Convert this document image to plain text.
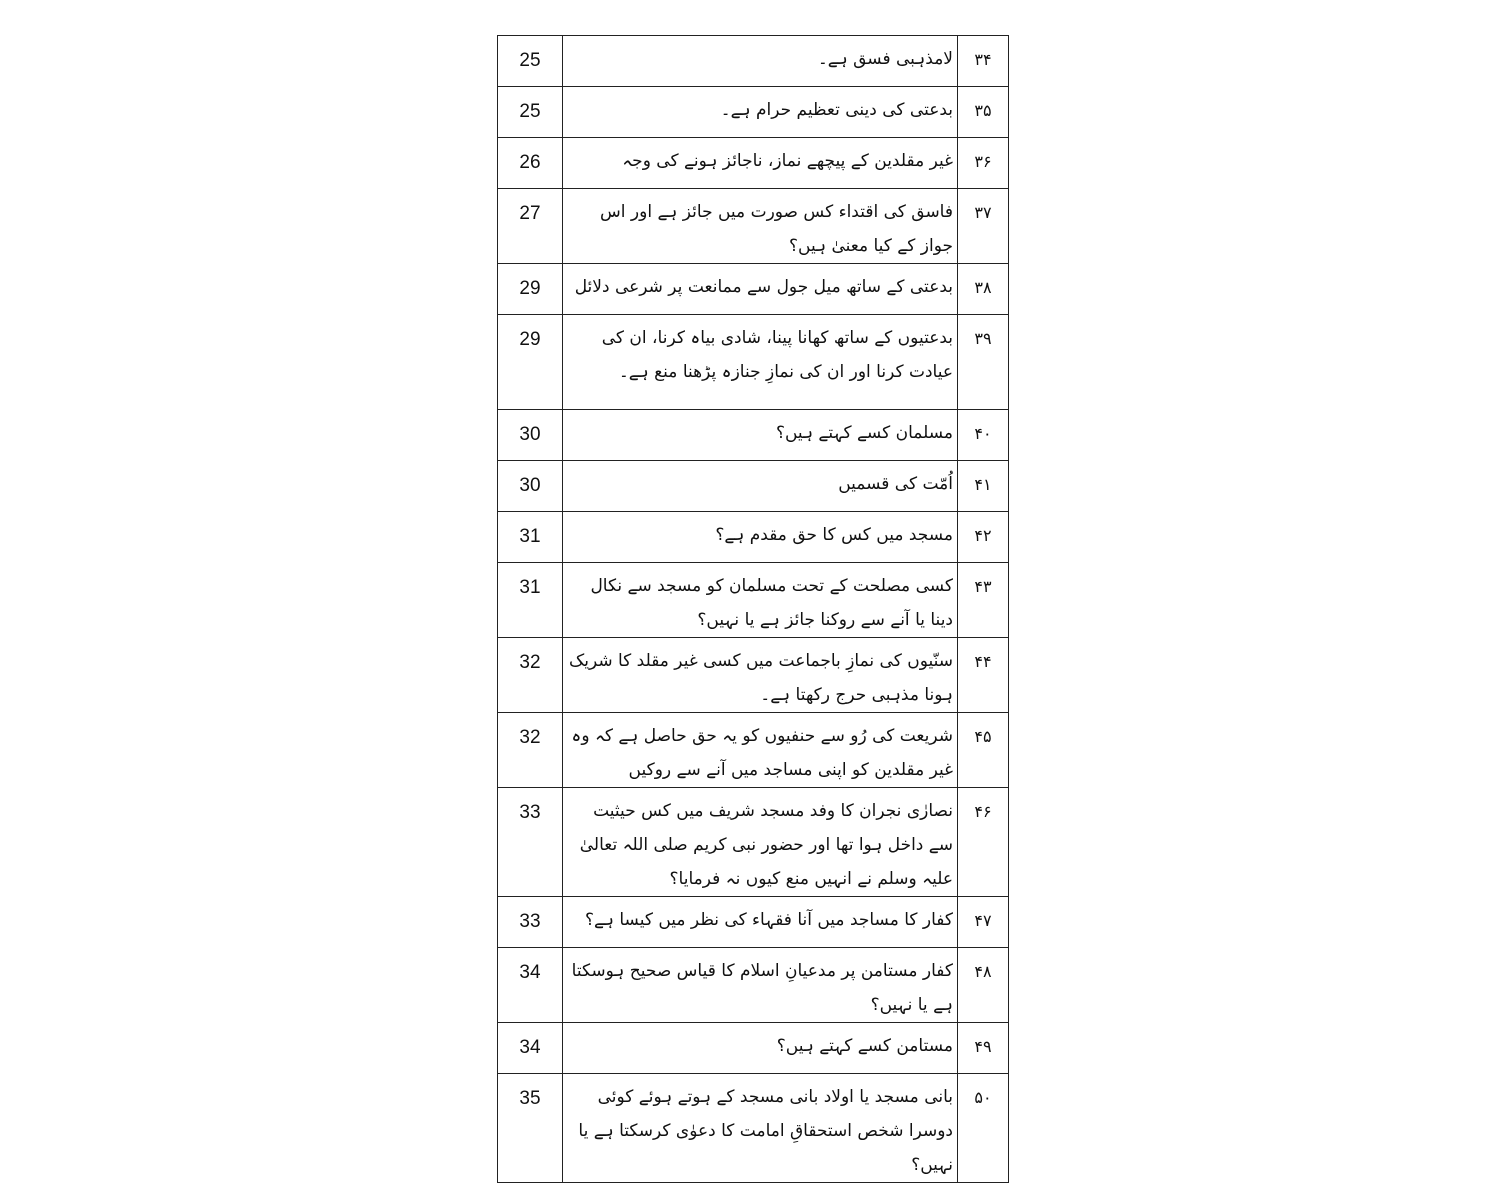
25	لامذہبی فسق ہے۔	۳۴

25	بدعتی کی دینی تعظیم حرام ہے۔	۳۵

26	غیر مقلدین کے پیچھے نماز، ناجائز ہونے کی وجہ	۳۶

27	فاسق کی اقتداء کس صورت میں جائز ہے اور اس جواز کے کیا معنیٰ ہیں؟	۳۷

29	بدعتی کے ساتھ میل جول سے ممانعت پر شرعی دلائل	۳۸

29	بدعتیوں کے ساتھ کھانا پینا، شادی بیاہ کرنا، ان کی عیادت کرنا اور ان کی نمازِ جنازہ پڑھنا منع ہے۔	۳۹

30	مسلمان کسے کہتے ہیں؟	۴۰

30	اُمّت کی قسمیں	۴۱

31	مسجد میں کس کا حق مقدم ہے؟	۴۲

31	کسی مصلحت کے تحت مسلمان کو مسجد سے نکال دینا یا آنے سے روکنا جائز ہے یا نہیں؟	۴۳

32	سنّیوں کی نمازِ باجماعت میں کسی غیر مقلد کا شریک ہونا مذہبی حرج رکھتا ہے۔	۴۴

32	شریعت کی رُو سے حنفیوں کو یہ حق حاصل ہے کہ وہ غیر مقلدین کو اپنی مساجد میں آنے سے روکیں	۴۵

33	نصارٰی نجران کا وفد مسجد شریف میں کس حیثیت سے داخل ہوا تھا اور حضور نبی کریم صلی اللہ تعالیٰ علیہ وسلم نے انہیں منع کیوں نہ فرمایا؟	۴۶

33	کفار کا مساجد میں آنا فقہاء کی نظر میں کیسا ہے؟	۴۷

34	کفار مستامن پر مدعیانِ اسلام کا قیاس صحیح ہوسکتا ہے یا نہیں؟	۴۸

34	مستامن کسے کہتے ہیں؟	۴۹

35	بانی مسجد یا اولاد بانی مسجد کے ہوتے ہوئے کوئی دوسرا شخص استحقاقِ امامت کا دعوٰی کرسکتا ہے یا نہیں؟	۵۰
